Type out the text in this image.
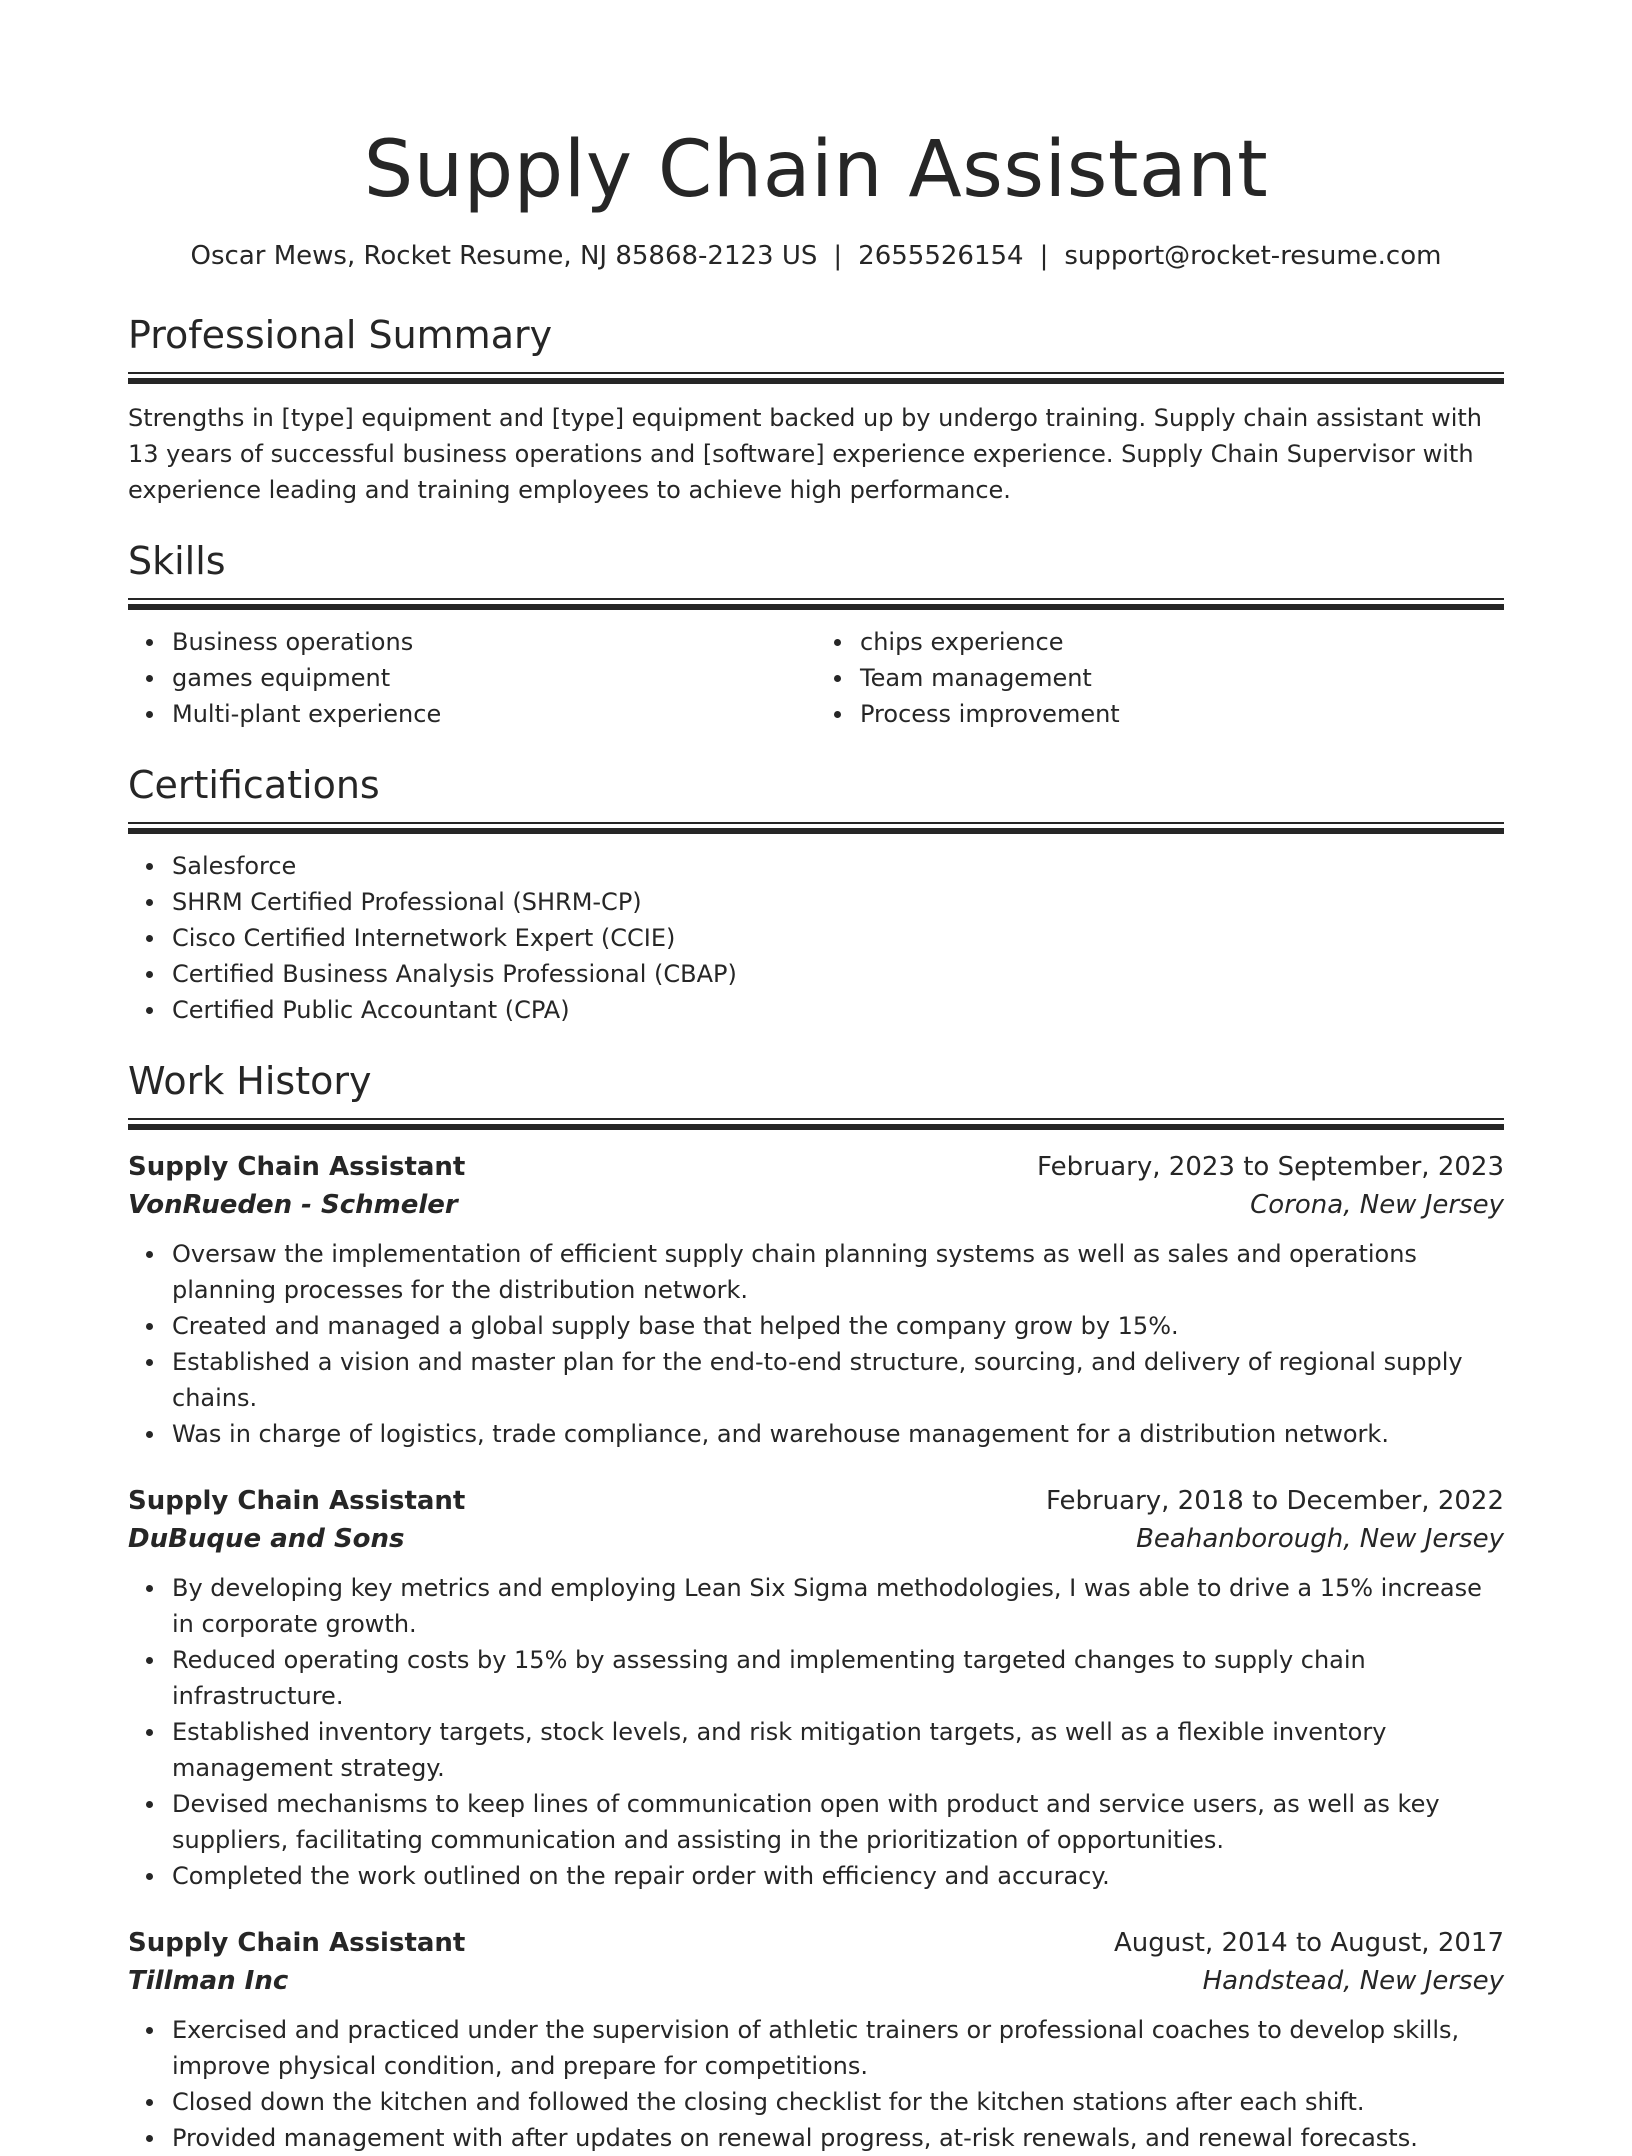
Supply Chain Assistant
Oscar Mews, Rocket Resume, NJ 85868-2123 US | 2655526154 | support@rocket-resume.com
Professional Summary

Strengths in [type] equipment and [type] equipment backed up by undergo training. Supply chain assistant with 13 years of successful business operations and [software] experience experience. Supply Chain Supervisor with experience leading and training employees to achieve high performance.

Skills
Business operations
games equipment
Multi-plant experience
chips experience
Team management
Process improvement
Certifications
Salesforce
SHRM Certified Professional (SHRM-CP)
Cisco Certified Internetwork Expert (CCIE)
Certified Business Analysis Professional (CBAP)
Certified Public Accountant (CPA)
Work History
Supply Chain Assistant	February, 2023 to September, 2023
VonRueden - Schmeler	Corona, New Jersey
Oversaw the implementation of efficient supply chain planning systems as well as sales and operations planning processes for the distribution network.
Created and managed a global supply base that helped the company grow by 15%.
Established a vision and master plan for the end-to-end structure, sourcing, and delivery of regional supply chains.
Was in charge of logistics, trade compliance, and warehouse management for a distribution network.
Supply Chain Assistant	February, 2018 to December, 2022
DuBuque and Sons	Beahanborough, New Jersey
By developing key metrics and employing Lean Six Sigma methodologies, I was able to drive a 15% increase in corporate growth.
Reduced operating costs by 15% by assessing and implementing targeted changes to supply chain infrastructure.
Established inventory targets, stock levels, and risk mitigation targets, as well as a flexible inventory management strategy.
Devised mechanisms to keep lines of communication open with product and service users, as well as key suppliers, facilitating communication and assisting in the prioritization of opportunities.
Completed the work outlined on the repair order with efficiency and accuracy.
Supply Chain Assistant	August, 2014 to August, 2017
Tillman Inc	Handstead, New Jersey
Exercised and practiced under the supervision of athletic trainers or professional coaches to develop skills, improve physical condition, and prepare for competitions.
Closed down the kitchen and followed the closing checklist for the kitchen stations after each shift.
Provided management with after updates on renewal progress, at-risk renewals, and renewal forecasts.
